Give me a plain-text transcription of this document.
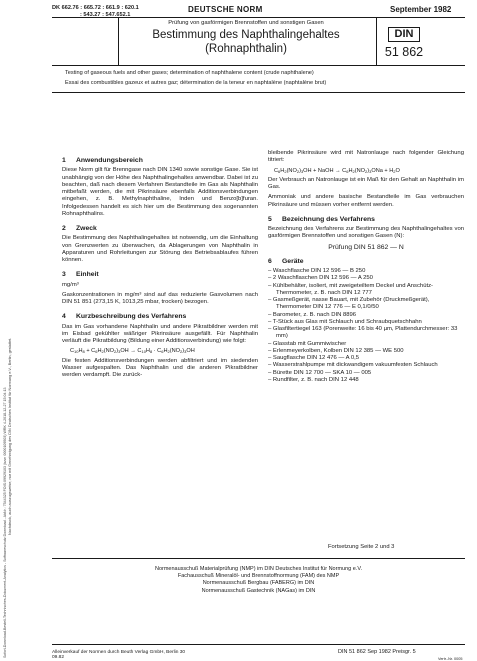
DK 662.76 : 665.72 : 661.9 : 620.1
: 543.27 : 547.652.1
DEUTSCHE NORM	September 1982
Prüfung von gasförmigen Brennstoffen und sonstigen Gasen
Bestimmung des Naphthalingehaltes
(Rohnaphthalin)
DIN
51 862
Testing of gaseous fuels and other gases; determination of naphthalene content (crude naphthalene)
Essai des combustibles gazeux et autres gaz; détermination de la teneur en naphtalène (naphtalène brut)
Nachdruck, auch auszugsweise, nur mit Genehmigung des DIN Deutsches Institut für Normung e.V., Berlin, gestattet.
Sofort-Download-Bestell-Technisches-Dokument-Analytics - Softwareschutz Download - AbNr.: 7544325 FOIS:09929103 (bzw. 0000109503) WRK 4-2018-12-27 15:04:13
1 Anwendungsbereich

Diese Norm gilt für Brenngase nach DIN 1340 sowie sonstige Gase. Sie ist unabhängig von der Höhe des Naphthalingehaltes anwendbar. Dabei ist zu beachten, daß nach diesem Verfahren Bestandteile im Gas als Naphthalin mitbefaßt werden, die mit Pikrinsäure ebenfalls Additionsverbindungen eingehen, z. B. Methylnaphthaline, Inden und Benzo[b]furan. Infolgedessen handelt es sich hier um die Bestimmung des sogenannten Rohnaphthalins.

2 Zweck

Die Bestimmung des Naphthalingehaltes ist notwendig, um die Einhaltung von Grenzwerten zu überwachen, da Ablagerungen von Naphthalin in Apparaturen und Rohrleitungen zur Störung des Betriebsablaufes führen können.

3 Einheit

mg/m³

Gaskonzentrationen in mg/m³ sind auf das reduzierte Gasvolumen nach DIN 51 851 (273,15 K, 1013,25 mbar, trocken) bezogen.

4 Kurzbeschreibung des Verfahrens

Das im Gas vorhandene Naphthalin und andere Pikratbildner werden mit im Eisbad gekühlter wäßriger Pikrinsäure ausgefällt. Für Naphthalin verläuft die Pikratbildung (Bildung einer Additionsverbindung) wie folgt:

$C_{10}H_8 + C_6H_2(NO_2)_3OH \to C_{10}H_8 \cdot C_6H_2(NO_2)_3OH$

Die festen Additionsverbindungen werden abfiltriert und im siedenden Wasser aufgespalten. Das Naphthalin und die anderen Pikratbildner werden verdampft. Die zurück-

bleibende Pikrinsäure wird mit Natronlauge nach folgender Gleichung titriert:

$C_6H_2(NO_2)_3OH$ + NaOH → $C_6H_2(NO_2)_3ONa + H_2O$

Der Verbrauch an Natronlauge ist ein Maß für den Gehalt an Naphthalin im Gas.

Ammoniak und andere basische Bestandteile im Gas verbrauchen Pikrinsäure und müssen vorher entfernt werden.

5 Bezeichnung des Verfahrens

Bezeichnung des Verfahrens zur Bestimmung des Naphthalingehaltes von gasförmigen Brennstoffen und sonstigen Gasen (N):

Prüfung DIN 51 862 — N
6 Geräte
– Waschflasche DIN 12 596 — B 250
– 2 Waschflaschen DIN 12 596 — A 250
– Kühlbehälter, isoliert, mit zweigeteiltem Deckel und Anschütz-Thermometer, z. B. nach DIN 12 777
– Gasmeßgerät, nasse Bauart, mit Zubehör (Druckmeßgerät), Thermometer DIN 12 776 — E 0,1/0/50
– Barometer, z. B. nach DIN 8896
– T-Stück aus Glas mit Schlauch und Schraubquetschhahn
– Glasfiltertiegel 163 (Porenweite: 16 bis 40 µm, Plattendurchmesser: 33 mm)
– Glasstab mit Gummiwischer
– Erlenmeyerkolben, Kolben DIN 12 385 — WE 500
– Saugflasche DIN 12 476 — A 0,5
– Wasserstrahlpumpe mit dickwandigem vakuumfesten Schlauch
– Bürette DIN 12 700 — SKA 10 — 005
– Rundfilter, z. B. nach DIN 12 448
Fortsetzung Seite 2 und 3
Normenausschuß Materialprüfung (NMP) im DIN Deutsches Institut für Normung e.V.
Fachausschuß Mineralöl- und Brennstoffnormung (FAM) des NMP
Normenausschuß Bergbau (FABERG) im DIN
Normenausschuß Gastechnik (NAGas) im DIN
Alleinverkauf der Normen durch Beuth Verlag GmbH, Berlin 30
09.82
DIN 51 862 Sep 1982 Preisgr. 5
Vertr.-Nr. 0005
